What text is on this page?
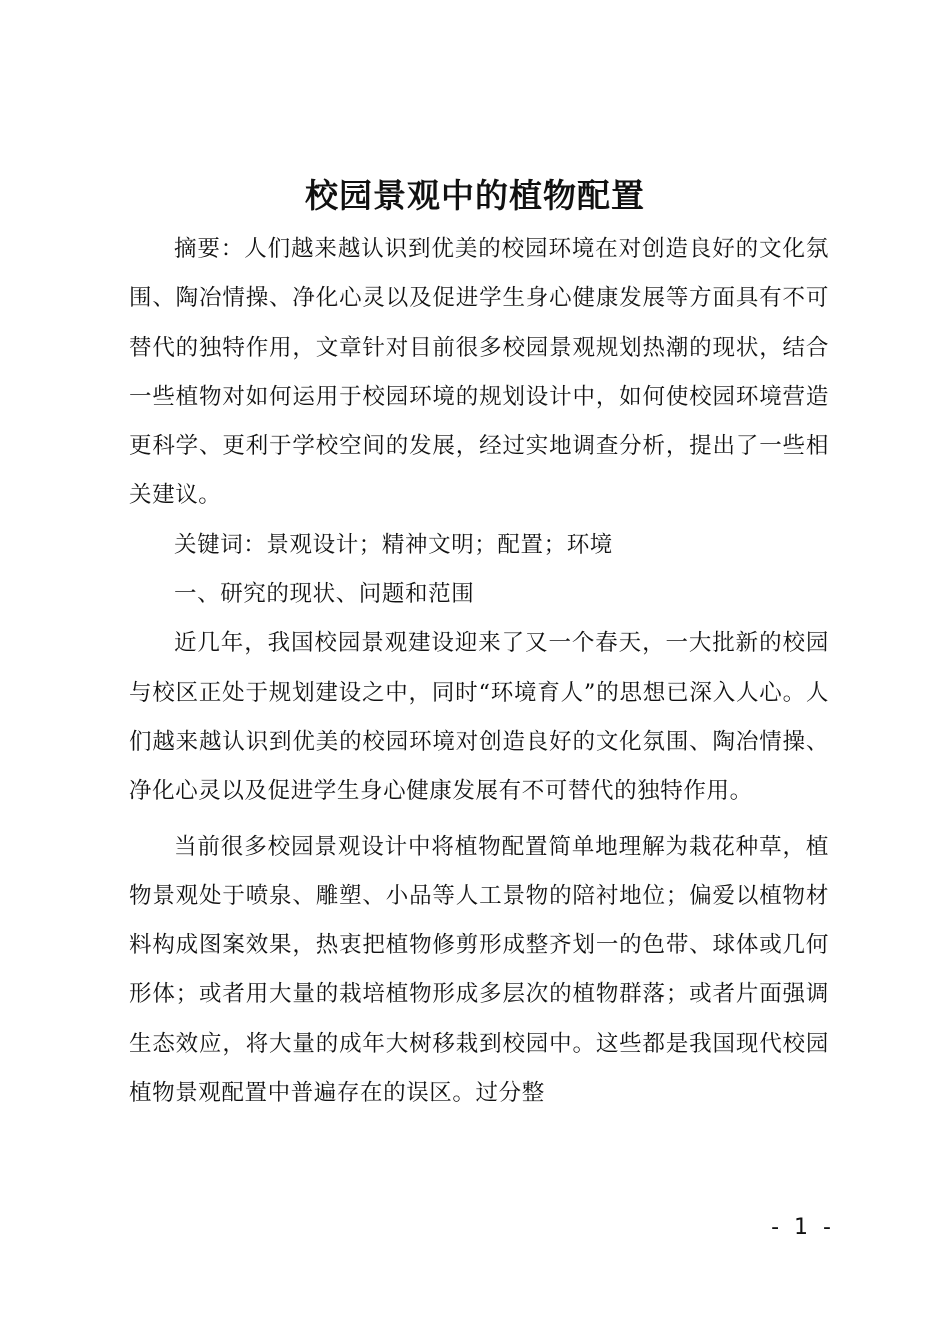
校园景观中的植物配置

摘要：人们越来越认识到优美的校园环境在对创造良好的文化氛围、陶冶情操、净化心灵以及促进学生身心健康发展等方面具有不可替代的独特作用，文章针对目前很多校园景观规划热潮的现状，结合一些植物对如何运用于校园环境的规划设计中，如何使校园环境营造更科学、更利于学校空间的发展，经过实地调查分析，提出了一些相关建议。

关键词：景观设计；精神文明；配置；环境

一、研究的现状、问题和范围

近几年，我国校园景观建设迎来了又一个春天，一大批新的校园与校区正处于规划建设之中，同时“环境育人”的思想已深入人心。人们越来越认识到优美的校园环境对创造良好的文化氛围、陶冶情操、净化心灵以及促进学生身心健康发展有不可替代的独特作用。

当前很多校园景观设计中将植物配置简单地理解为栽花种草，植物景观处于喷泉、雕塑、小品等人工景物的陪衬地位；偏爱以植物材料构成图案效果，热衷把植物修剪形成整齐划一的色带、球体或几何形体；或者用大量的栽培植物形成多层次的植物群落；或者片面强调生态效应，将大量的成年大树移栽到校园中。这些都是我国现代校园植物景观配置中普遍存在的误区。过分整

- 1 -
